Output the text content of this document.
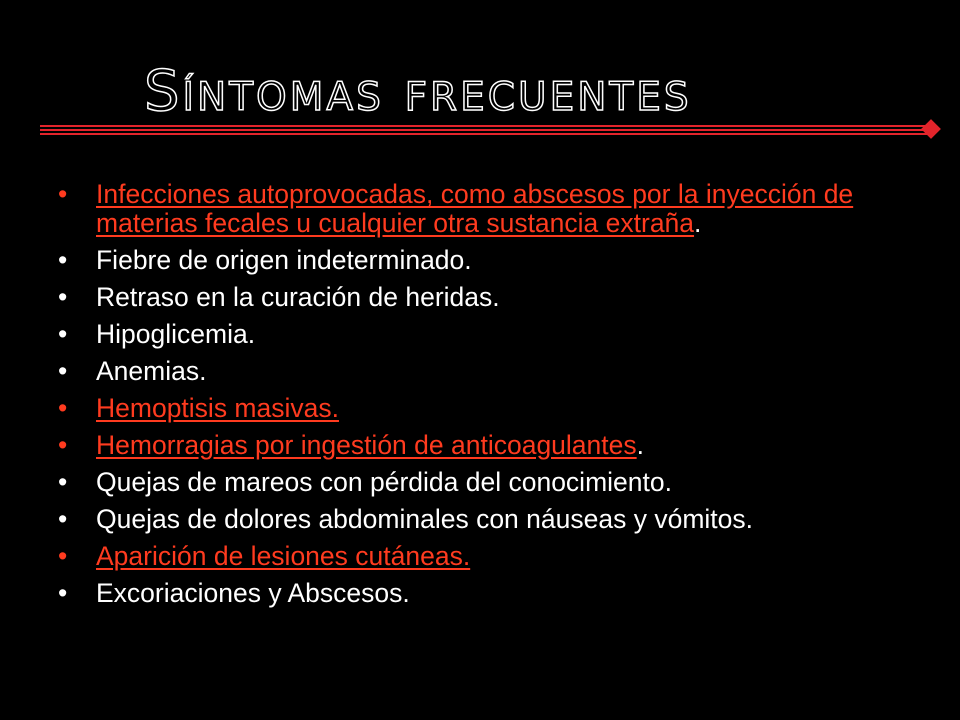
Síntomas frecuentes
• Infecciones autoprovocadas, como abscesos por la inyección de materias fecales u cualquier otra sustancia extraña.
• Fiebre de origen indeterminado.
• Retraso en la curación de heridas.
• Hipoglicemia.
• Anemias.
• Hemoptisis masivas.
• Hemorragias por ingestión de anticoagulantes.
• Quejas de mareos con pérdida del conocimiento.
• Quejas de dolores abdominales con náuseas y vómitos.
• Aparición de lesiones cutáneas.
• Excoriaciones y Abscesos.
